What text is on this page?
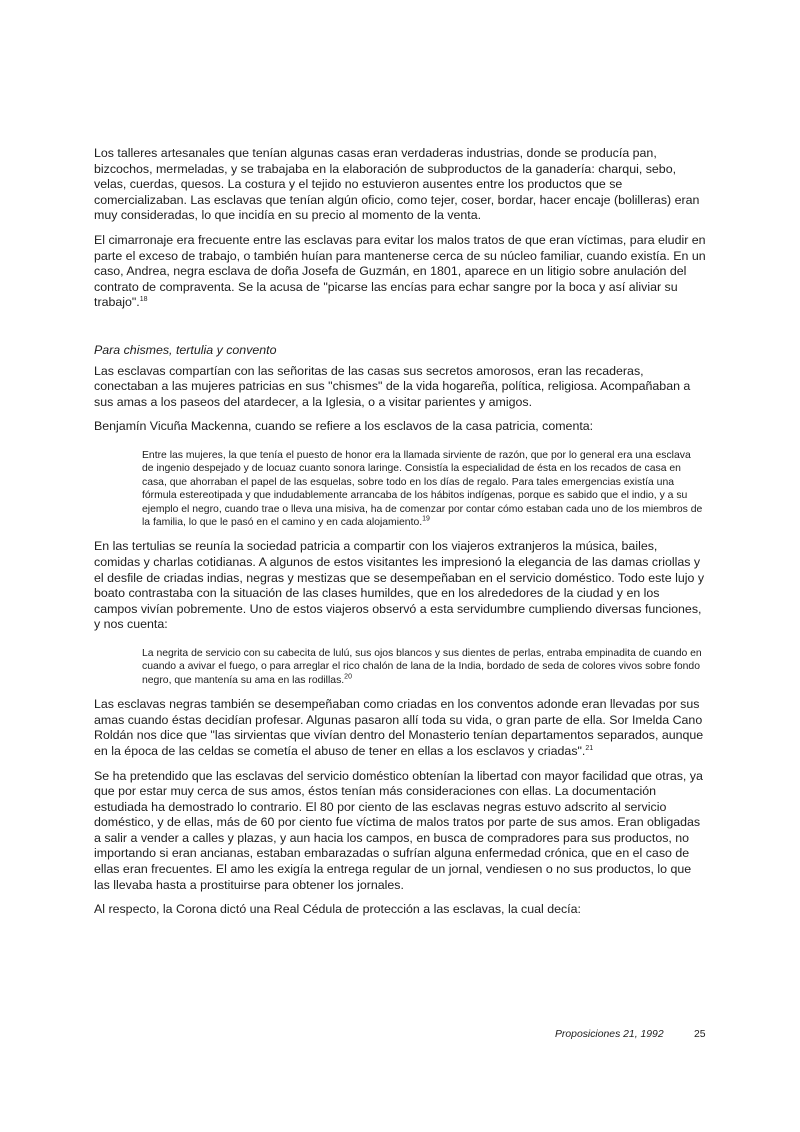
Los talleres artesanales que tenían algunas casas eran verdaderas industrias, donde se producía pan, bizcochos, mermeladas, y se trabajaba en la elaboración de subproductos de la ganadería: charqui, sebo, velas, cuerdas, quesos. La costura y el tejido no estuvieron ausentes entre los productos que se comercializaban. Las esclavas que tenían algún oficio, como tejer, coser, bordar, hacer encaje (bolilleras) eran muy consideradas, lo que incidía en su precio al momento de la venta.

El cimarronaje era frecuente entre las esclavas para evitar los malos tratos de que eran víctimas, para eludir en parte el exceso de trabajo, o también huían para mantenerse cerca de su núcleo familiar, cuando existía. En un caso, Andrea, negra esclava de doña Josefa de Guzmán, en 1801, aparece en un litigio sobre anulación del contrato de compraventa. Se la acusa de "picarse las encías para echar sangre por la boca y así aliviar su trabajo".$^{18}$

Para chismes, tertulia y convento

Las esclavas compartían con las señoritas de las casas sus secretos amorosos, eran las recaderas, conectaban a las mujeres patricias en sus "chismes" de la vida hogareña, política, religiosa. Acompañaban a sus amas a los paseos del atardecer, a la Iglesia, o a visitar parientes y amigos.

Benjamín Vicuña Mackenna, cuando se refiere a los esclavos de la casa patricia, comenta:

Entre las mujeres, la que tenía el puesto de honor era la llamada sirviente de razón, que por lo general era una esclava de ingenio despejado y de locuaz cuanto sonora laringe. Consistía la especialidad de ésta en los recados de casa en casa, que ahorraban el papel de las esquelas, sobre todo en los días de regalo. Para tales emergencias existía una fórmula estereotipada y que indudablemente arrancaba de los hábitos indígenas, porque es sabido que el indio, y a su ejemplo el negro, cuando trae o lleva una misiva, ha de comenzar por contar cómo estaban cada uno de los miembros de la familia, lo que le pasó en el camino y en cada alojamiento.$^{19}$

En las tertulias se reunía la sociedad patricia a compartir con los viajeros extranjeros la música, bailes, comidas y charlas cotidianas. A algunos de estos visitantes les impresionó la elegancia de las damas criollas y el desfile de criadas indias, negras y mestizas que se desempeñaban en el servicio doméstico. Todo este lujo y boato contrastaba con la situación de las clases humildes, que en los alrededores de la ciudad y en los campos vivían pobremente. Uno de estos viajeros observó a esta servidumbre cumpliendo diversas funciones, y nos cuenta:

La negrita de servicio con su cabecita de lulú, sus ojos blancos y sus dientes de perlas, entraba empinadita de cuando en cuando a avivar el fuego, o para arreglar el rico chalón de lana de la India, bordado de seda de colores vivos sobre fondo negro, que mantenía su ama en las rodillas.$^{20}$

Las esclavas negras también se desempeñaban como criadas en los conventos adonde eran llevadas por sus amas cuando éstas decidían profesar. Algunas pasaron allí toda su vida, o gran parte de ella. Sor Imelda Cano Roldán nos dice que "las sirvientas que vivían dentro del Monasterio tenían departamentos separados, aunque en la época de las celdas se cometía el abuso de tener en ellas a los esclavos y criadas".$^{21}$

Se ha pretendido que las esclavas del servicio doméstico obtenían la libertad con mayor facilidad que otras, ya que por estar muy cerca de sus amos, éstos tenían más consideraciones con ellas. La documentación estudiada ha demostrado lo contrario. El 80 por ciento de las esclavas negras estuvo adscrito al servicio doméstico, y de ellas, más de 60 por ciento fue víctima de malos tratos por parte de sus amos. Eran obligadas a salir a vender a calles y plazas, y aun hacia los campos, en busca de compradores para sus productos, no importando si eran ancianas, estaban embarazadas o sufrían alguna enfermedad crónica, que en el caso de ellas eran frecuentes. El amo les exigía la entrega regular de un jornal, vendiesen o no sus productos, lo que las llevaba hasta a prostituirse para obtener los jornales.

Al respecto, la Corona dictó una Real Cédula de protección a las esclavas, la cual decía:

Proposiciones 21, 1992	25
